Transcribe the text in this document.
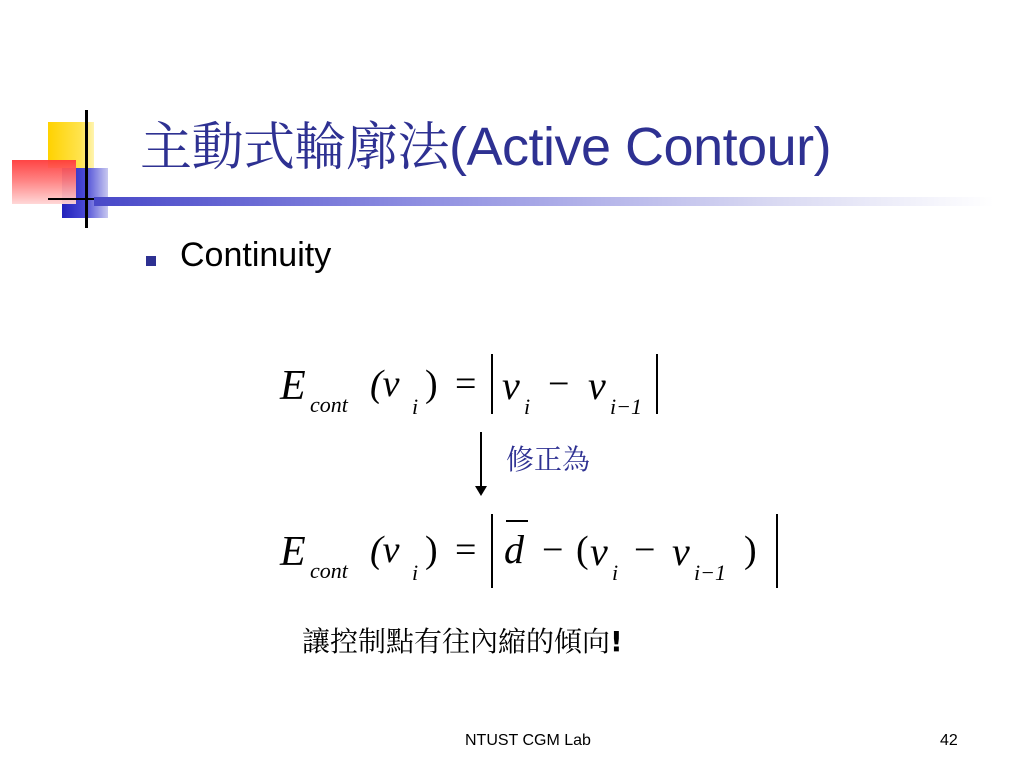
主動式輪廓法(Active Contour)
Continuity
E cont (v
i
) = v i
− v i−1
修正為
E cont (v
i
) = d − ( v i
− v i−1
)
讓控制點有往內縮的傾向!
NTUST CGM Lab	42
